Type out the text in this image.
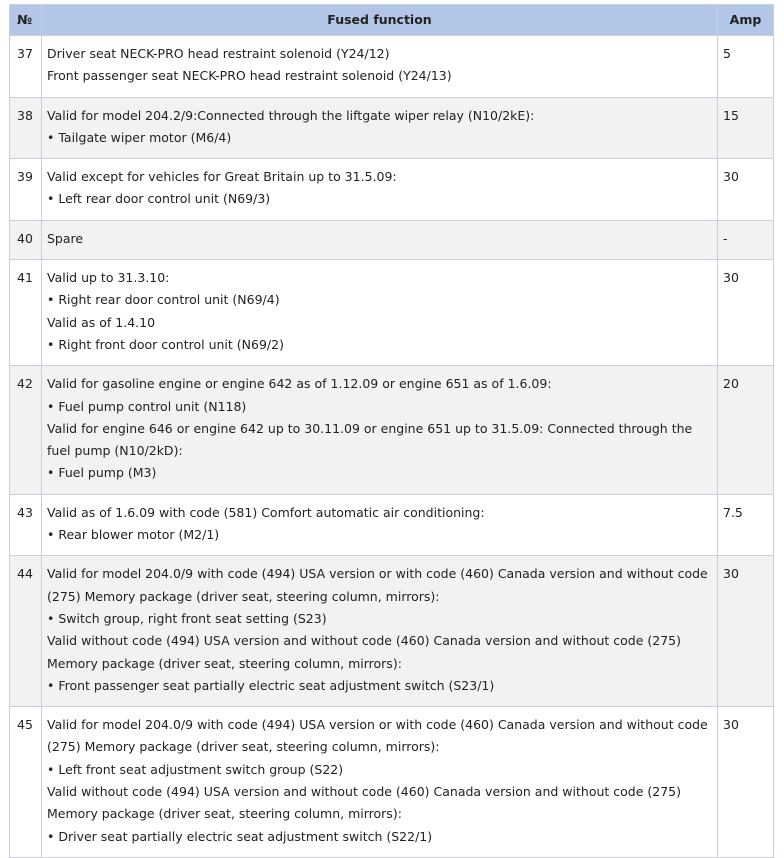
№	Fused function	Amp
37	Driver seat NECK-PRO head restraint solenoid (Y24/12)
Front passenger seat NECK-PRO head restraint solenoid (Y24/13)	5
38	Valid for model 204.2/9:Connected through the liftgate wiper relay (N10/2kE):
• Tailgate wiper motor (M6/4)	15
39	Valid except for vehicles for Great Britain up to 31.5.09:
• Left rear door control unit (N69/3)	30
40	Spare	-
41	Valid up to 31.3.10:
• Right rear door control unit (N69/4)
Valid as of 1.4.10
• Right front door control unit (N69/2)	30
42	Valid for gasoline engine or engine 642 as of 1.12.09 or engine 651 as of 1.6.09:
• Fuel pump control unit (N118)
Valid for engine 646 or engine 642 up to 30.11.09 or engine 651 up to 31.5.09: Connected through the fuel pump (N10/2kD):
• Fuel pump (M3)	20
43	Valid as of 1.6.09 with code (581) Comfort automatic air conditioning:
• Rear blower motor (M2/1)	7.5
44	Valid for model 204.0/9 with code (494) USA version or with code (460) Canada version and without code (275) Memory package (driver seat, steering column, mirrors):
• Switch group, right front seat setting (S23)
Valid without code (494) USA version and without code (460) Canada version and without code (275) Memory package (driver seat, steering column, mirrors):
• Front passenger seat partially electric seat adjustment switch (S23/1)	30
45	Valid for model 204.0/9 with code (494) USA version or with code (460) Canada version and without code (275) Memory package (driver seat, steering column, mirrors):
• Left front seat adjustment switch group (S22)
Valid without code (494) USA version and without code (460) Canada version and without code (275) Memory package (driver seat, steering column, mirrors):
• Driver seat partially electric seat adjustment switch (S22/1)	30
